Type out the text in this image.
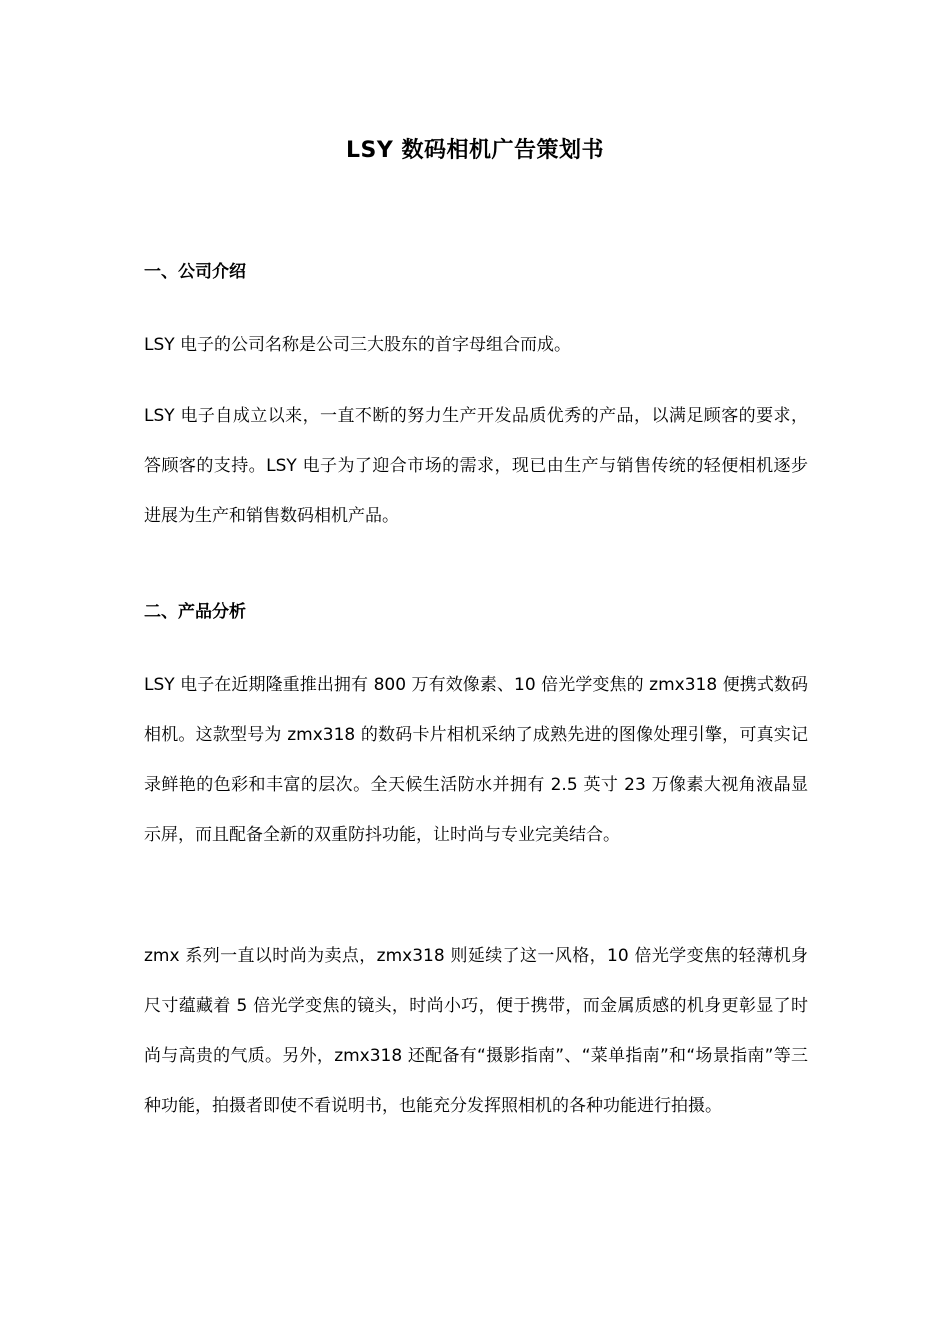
LSY 数码相机广告策划书
一、公司介绍
LSY 电子的公司名称是公司三大股东的首字母组合而成。
LSY 电子自成立以来，一直不断的努力生产开发品质优秀的产品，以满足顾客的要求，答顾客的支持。LSY 电子为了迎合市场的需求，现已由生产与销售传统的轻便相机逐步进展为生产和销售数码相机产品。
二、产品分析
LSY 电子在近期隆重推出拥有 800 万有效像素、10 倍光学变焦的 zmx318 便携式数码相机。这款型号为 zmx318 的数码卡片相机采纳了成熟先进的图像处理引擎，可真实记录鲜艳的色彩和丰富的层次。全天候生活防水并拥有 2.5 英寸 23 万像素大视角液晶显示屏，而且配备全新的双重防抖功能，让时尚与专业完美结合。
zmx 系列一直以时尚为卖点，zmx318 则延续了这一风格，10 倍光学变焦的轻薄机身尺寸蕴藏着 5 倍光学变焦的镜头，时尚小巧，便于携带，而金属质感的机身更彰显了时尚与高贵的气质。另外，zmx318 还配备有“摄影指南”、“菜单指南”和“场景指南”等三种功能，拍摄者即使不看说明书，也能充分发挥照相机的各种功能进行拍摄。
